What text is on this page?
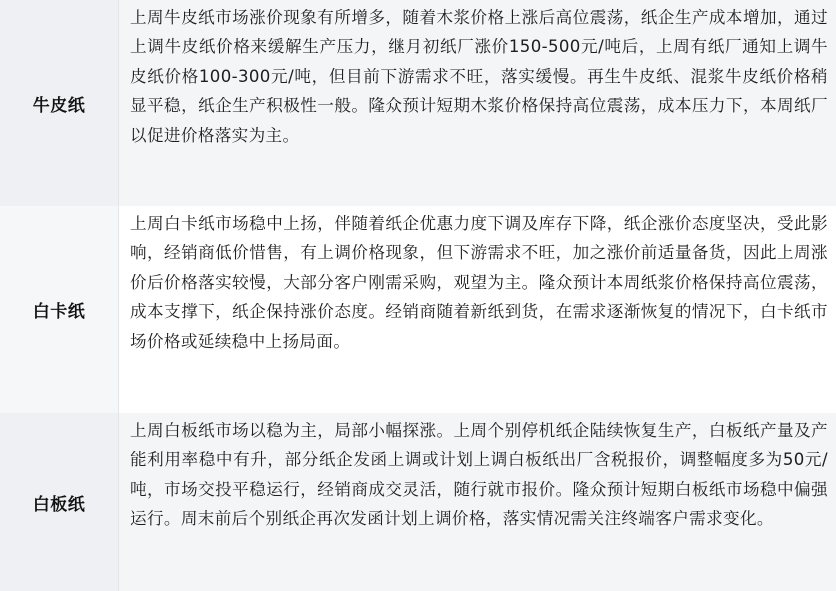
牛皮纸
上周牛皮纸市场涨价现象有所增多，随着木浆价格上涨后高位震荡，纸企生产成本增加，通过上调牛皮纸价格来缓解生产压力，继月初纸厂涨价150-500元/吨后，上周有纸厂通知上调牛皮纸价格100-300元/吨，但目前下游需求不旺，落实缓慢。再生牛皮纸、混浆牛皮纸价格稍显平稳，纸企生产积极性一般。隆众预计短期木浆价格保持高位震荡，成本压力下，本周纸厂以促进价格落实为主。
白卡纸
上周白卡纸市场稳中上扬，伴随着纸企优惠力度下调及库存下降，纸企涨价态度坚决，受此影响，经销商低价惜售，有上调价格现象，但下游需求不旺，加之涨价前适量备货，因此上周涨价后价格落实较慢，大部分客户刚需采购，观望为主。隆众预计本周纸浆价格保持高位震荡，成本支撑下，纸企保持涨价态度。经销商随着新纸到货，在需求逐渐恢复的情况下，白卡纸市场价格或延续稳中上扬局面。
白板纸
上周白板纸市场以稳为主，局部小幅探涨。上周个别停机纸企陆续恢复生产，白板纸产量及产能利用率稳中有升，部分纸企发函上调或计划上调白板纸出厂含税报价，调整幅度多为50元/吨，市场交投平稳运行，经销商成交灵活，随行就市报价。隆众预计短期白板纸市场稳中偏强运行。周末前后个别纸企再次发函计划上调价格，落实情况需关注终端客户需求变化。
